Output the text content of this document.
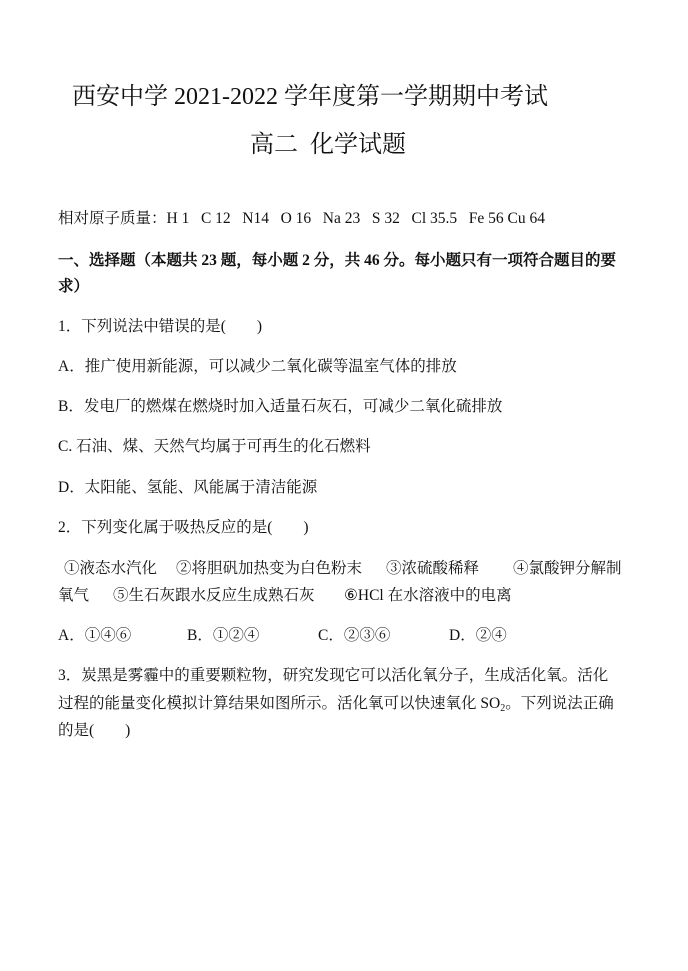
西安中学 2021-2022 学年度第一学期期中考试
高二  化学试题
相对原子质量：H 1   C 12   N14   O 16   Na 23   S 32   Cl 35.5   Fe 56 Cu 64
一、选择题（本题共 23 题，每小题 2 分，共 46 分。每小题只有一项符合题目的要
求）
1．下列说法中错误的是(        )
A．推广使用新能源，可以减少二氧化碳等温室气体的排放
B．发电厂的燃煤在燃烧时加入适量石灰石，可减少二氧化硫排放
C. 石油、煤、天然气均属于可再生的化石燃料
D．太阳能、氢能、风能属于清洁能源
2．下列变化属于吸热反应的是(        )

①液态水汽化

②将胆矾加热变为白色粉末

③浓硫酸稀释

④氯酸钾分解制

氧气

⑤生石灰跟水反应生成熟石灰

⑥HCl 在水溶液中的电离

A．①④⑥

	B．①②④

	C．②③⑥

	D．②④

3．炭黑是雾霾中的重要颗粒物，研究发现它可以活化氧分子，生成活化氧。活化
过程的能量变化模拟计算结果如图所示。活化氧可以快速氧化 $SO_2$。下列说法正确
的是(        )
